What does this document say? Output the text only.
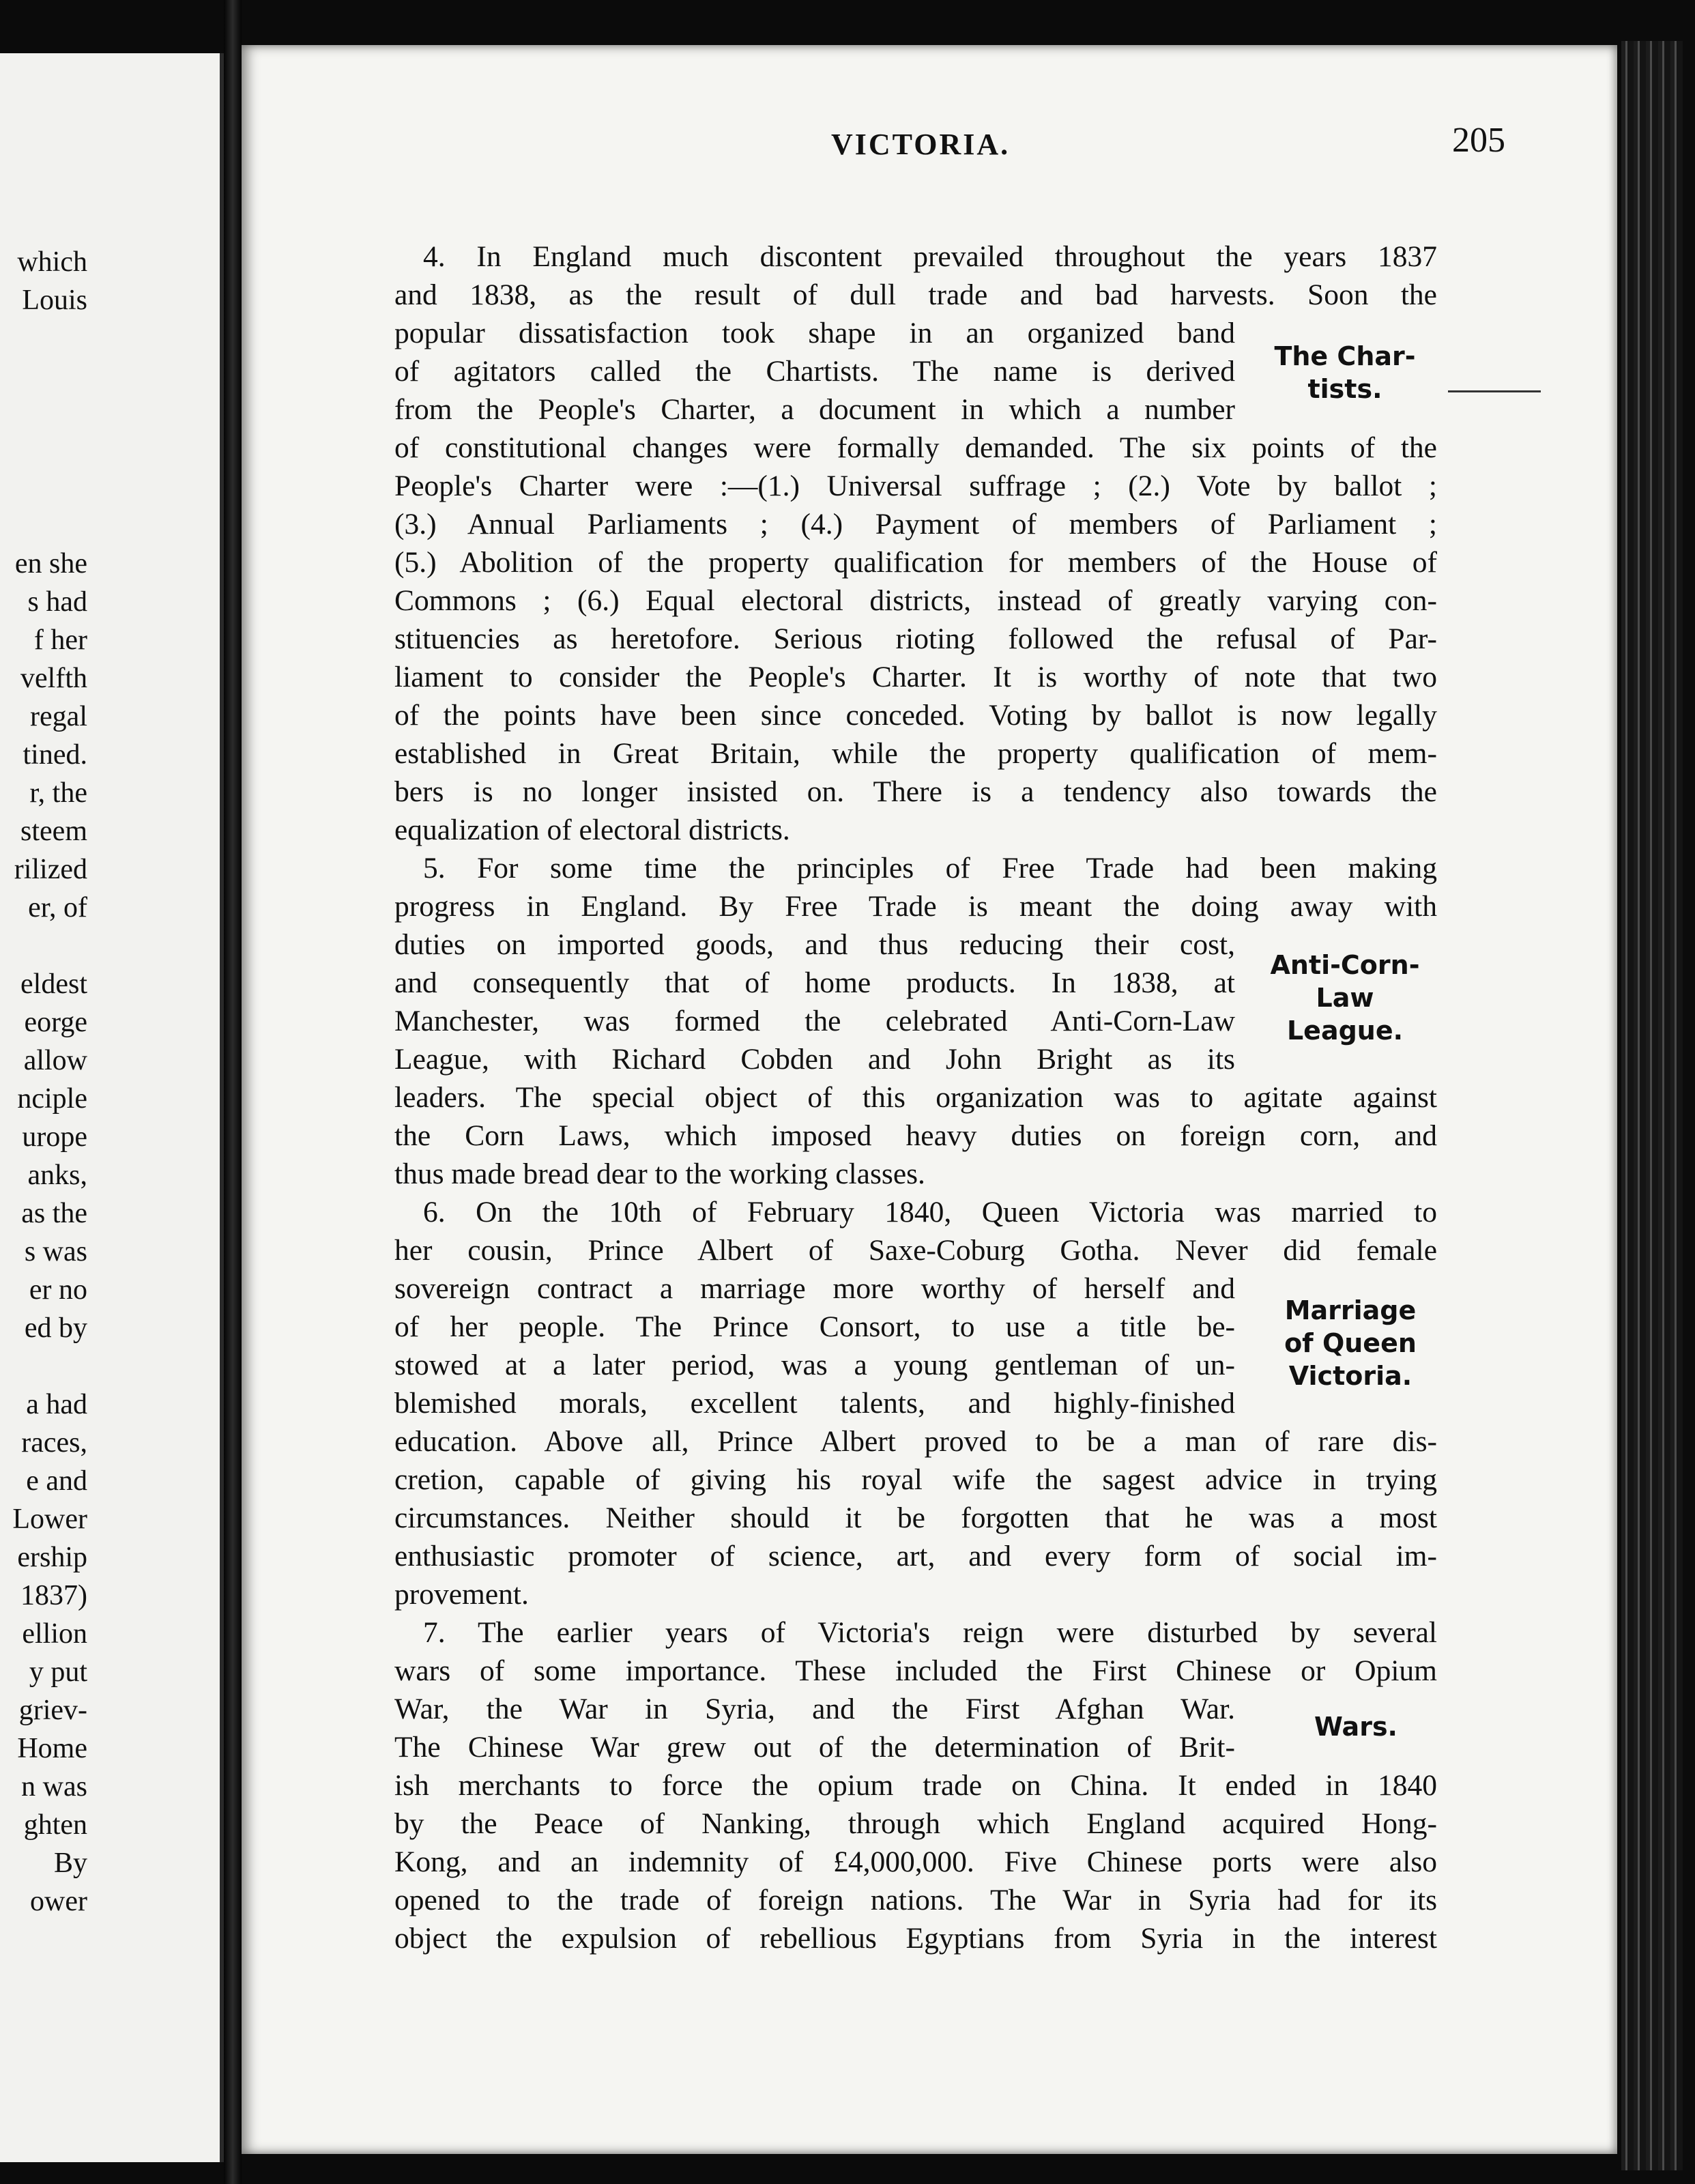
which

Louis

en she

s had

f her

velfth

regal

tined.

r, the

steem

rilized

er, of

eldest

eorge

allow

nciple

urope

anks,

as the

s was

er no

ed by

a had

races,

e and

Lower

ership

1837)

ellion

y put

griev-

Home

n was

ghten

By

ower

VICTORIA.	205

4. In England much discontent prevailed throughout the years 1837

and 1838, as the result of dull trade and bad harvests. Soon the

popular dissatisfaction took shape in an organized band

of agitators called the Chartists. The name is derived

from the People's Charter, a document in which a number

of constitutional changes were formally demanded. The six points of the

People's Charter were :—(1.) Universal suffrage ; (2.) Vote by ballot ;

(3.) Annual Parliaments ; (4.) Payment of members of Parliament ;

(5.) Abolition of the property qualification for members of the House of

Commons ; (6.) Equal electoral districts, instead of greatly varying con-

stituencies as heretofore. Serious rioting followed the refusal of Par-

liament to consider the People's Charter. It is worthy of note that two

of the points have been since conceded. Voting by ballot is now legally

established in Great Britain, while the property qualification of mem-

bers is no longer insisted on. There is a tendency also towards the

equalization of electoral districts.

5. For some time the principles of Free Trade had been making

progress in England. By Free Trade is meant the doing away with

duties on imported goods, and thus reducing their cost,

and consequently that of home products. In 1838, at

Manchester, was formed the celebrated Anti-Corn-Law

League, with Richard Cobden and John Bright as its

leaders. The special object of this organization was to agitate against

the Corn Laws, which imposed heavy duties on foreign corn, and

thus made bread dear to the working classes.

6. On the 10th of February 1840, Queen Victoria was married to

her cousin, Prince Albert of Saxe-Coburg Gotha. Never did female

sovereign contract a marriage more worthy of herself and

of her people. The Prince Consort, to use a title be-

stowed at a later period, was a young gentleman of un-

blemished morals, excellent talents, and highly-finished

education. Above all, Prince Albert proved to be a man of rare dis-

cretion, capable of giving his royal wife the sagest advice in trying

circumstances. Neither should it be forgotten that he was a most

enthusiastic promoter of science, art, and every form of social im-

provement.

7. The earlier years of Victoria's reign were disturbed by several

wars of some importance. These included the First Chinese or Opium

War, the War in Syria, and the First Afghan War.

The Chinese War grew out of the determination of Brit-

ish merchants to force the opium trade on China. It ended in 1840

by the Peace of Nanking, through which England acquired Hong-

Kong, and an indemnity of £4,000,000. Five Chinese ports were also

opened to the trade of foreign nations. The War in Syria had for its

object the expulsion of rebellious Egyptians from Syria in the interest

The Char-
tists.
Anti-Corn-
Law
League.
Marriage
of Queen
Victoria.
Wars.
